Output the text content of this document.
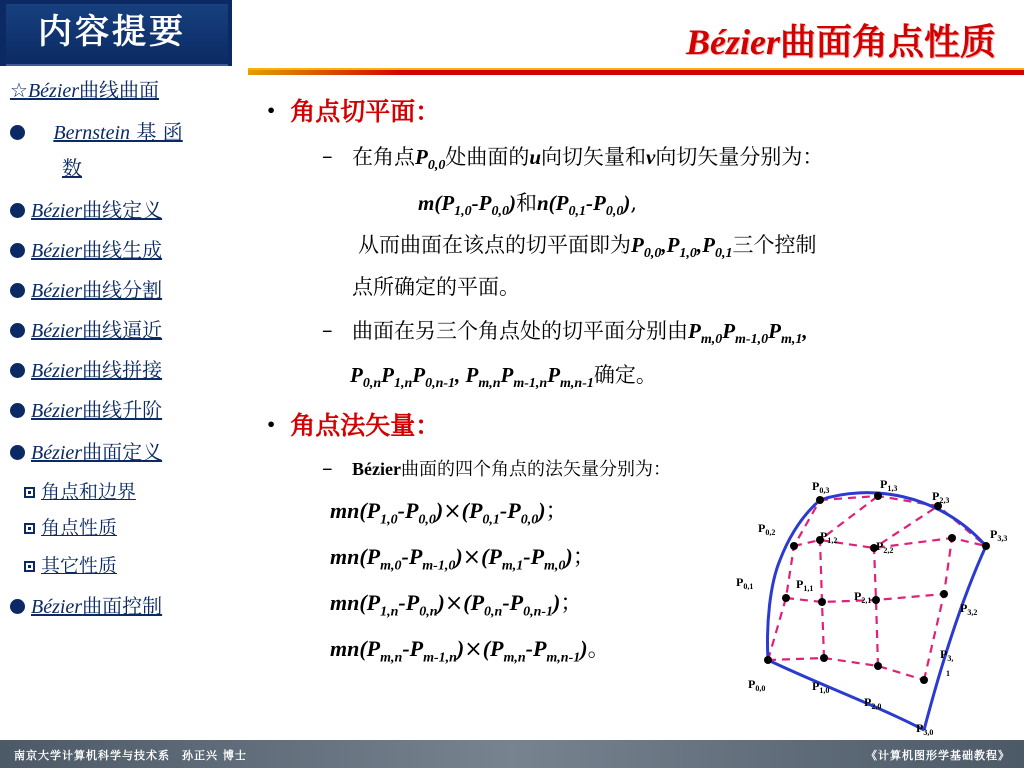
内容提要
☆Bézier曲线曲面
Bernstein 基 函
数
Bézier曲线定义
Bézier曲线生成
Bézier曲线分割
Bézier曲线逼近
Bézier曲线拼接
Bézier曲线升阶
Bézier曲面定义
角点和边界
角点性质
其它性质
Bézier曲面控制
Bézier曲面角点性质
• 角点切平面：
– 在角点$P_{0,0}$处曲面的u向切矢量和v向切矢量分别为：
$m(P_{1,0}-P_{0,0})$和$n(P_{0,1}-P_{0,0})$,
从而曲面在该点的切平面即为$P_{0,0},P_{1,0},P_{0,1}$三个控制
点所确定的平面。
– 曲面在另三个角点处的切平面分别由$P_{m,0}P_{m-1,0}P_{m,1}$,
$P_{0,n}P_{1,n}P_{0,n-1}$, $P_{m,n}P_{m-1,n}P_{m,n-1}$确定。
• 角点法矢量：
– Bézier曲面的四个角点的法矢量分别为：
$mn(P_{1,0}-P_{0,0})\times(P_{0,1}-P_{0,0})$；
$mn(P_{m,0}-P_{m-1,0})\times(P_{m,1}-P_{m,0})$；
$mn(P_{1,n}-P_{0,n})\times(P_{0,n}-P_{0,n-1})$；
$mn(P_{m,n}-P_{m-1,n})\times(P_{m,n}-P_{m,n-1})$。
$P_{0,3}$	$P_{1,3}$
$P_{2,3}$
$P_{3,3}$
$P_{0,2}$	$P_{1,2}$	$P_{2,2}$
$P_{0,1}$	$P_{1,1}$
$P_{2,1}$
$P_{3,2}$
$P_{3,}$
1
$P_{0,0}$	$P_{1,0}$
$P_{2,0}$
$P_{3,0}$
南京大学计算机科学与技术系　孙正兴 博士	《计算机图形学基础教程》
